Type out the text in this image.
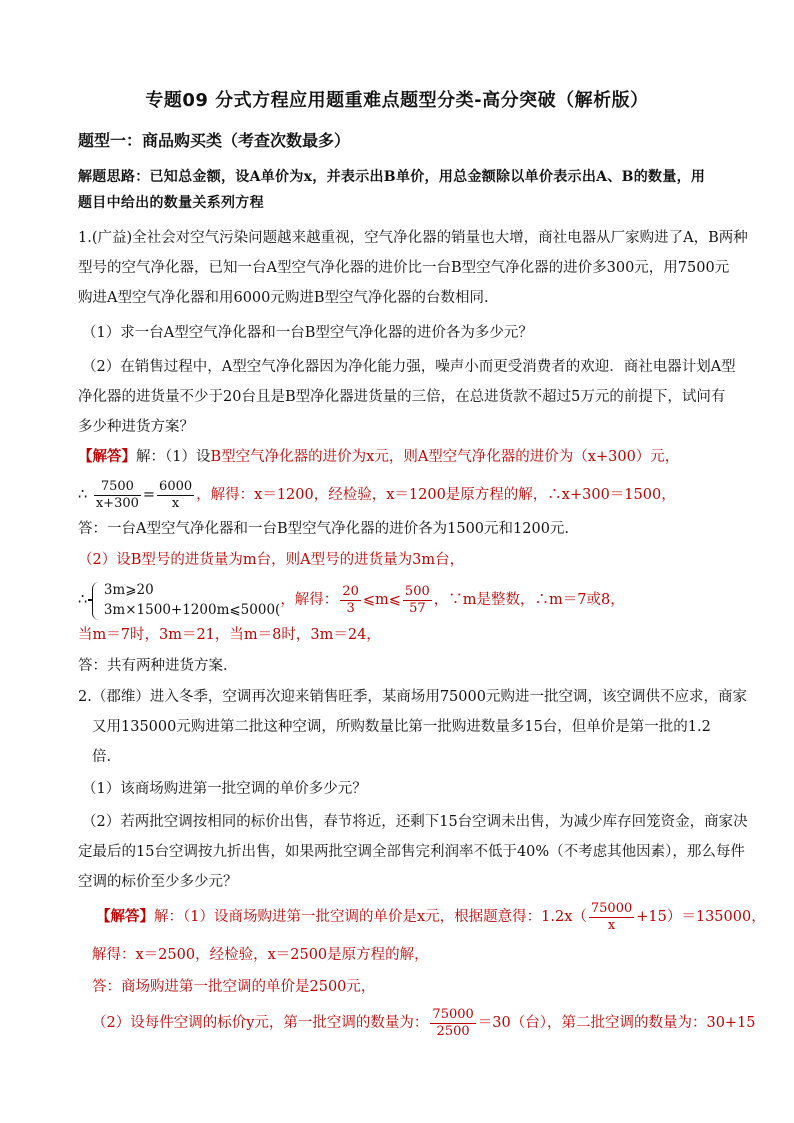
专题09 分式方程应用题重难点题型分类-高分突破（解析版）
题型一：商品购买类（考查次数最多）
解题思路：已知总金额，设A单价为x，并表示出B单价，用总金额除以单价表示出A、B的数量，用题目中给出的数量关系列方程
1.(广益)全社会对空气污染问题越来越重视，空气净化器的销量也大增，商社电器从厂家购进了A，B两种
型号的空气净化器，已知一台A型空气净化器的进价比一台B型空气净化器的进价多300元，用7500元
购进A型空气净化器和用6000元购进B型空气净化器的台数相同.
（1）求一台A型空气净化器和一台B型空气净化器的进价各为多少元？
（2）在销售过程中，A型空气净化器因为净化能力强，噪声小而更受消费者的欢迎．商社电器计划A型
净化器的进货量不少于20台且是B型净化器进货量的三倍，在总进货款不超过5万元的前提下，试问有
多少种进货方案？
【解答】解：（1）设B型空气净化器的进价为x元，则A型空气净化器的进价为（x+300）元，
∴ $\frac{7500}{x+300} = \frac{6000}{x}$ ，解得：x＝1200，经检验，x＝1200是原方程的解，∴x+300＝1500，
答：一台A型空气净化器和一台B型空气净化器的进价各为1500元和1200元.
（2）设B型号的进货量为m台，则A型号的进货量为3m台，
∴
3m⩾20
3m×1500+1200m⩽5000(
，解得： $\frac{20}{3}$ ⩽m⩽ $\frac{500}{57}$ ，∵m是整数，∴m＝7或8，
当m＝7时，3m＝21，当m＝8时，3m＝24，
答：共有两种进货方案.
2.（郡维）进入冬季，空调再次迎来销售旺季，某商场用75000元购进一批空调，该空调供不应求，商家
又用135000元购进第二批这种空调，所购数量比第一批购进数量多15台，但单价是第一批的1.2
倍.
（1）该商场购进第一批空调的单价多少元？
（2）若两批空调按相同的标价出售，春节将近，还剩下15台空调未出售，为减少库存回笼资金，商家决
定最后的15台空调按九折出售，如果两批空调全部售完利润率不低于40%（不考虑其他因素），那么每件
空调的标价至少多少元？
【解答】解：（1）设商场购进第一批空调的单价是x元，根据题意得：$1.2x( \frac{75000}{x} +15)=135000$，
解得：x＝2500，经检验，x＝2500是原方程的解，
答：商场购进第一批空调的单价是2500元，
（2）设每件空调的标价y元，第一批空调的数量为： $\frac{75000}{2500} =30$（台），第二批空调的数量为：30+15
